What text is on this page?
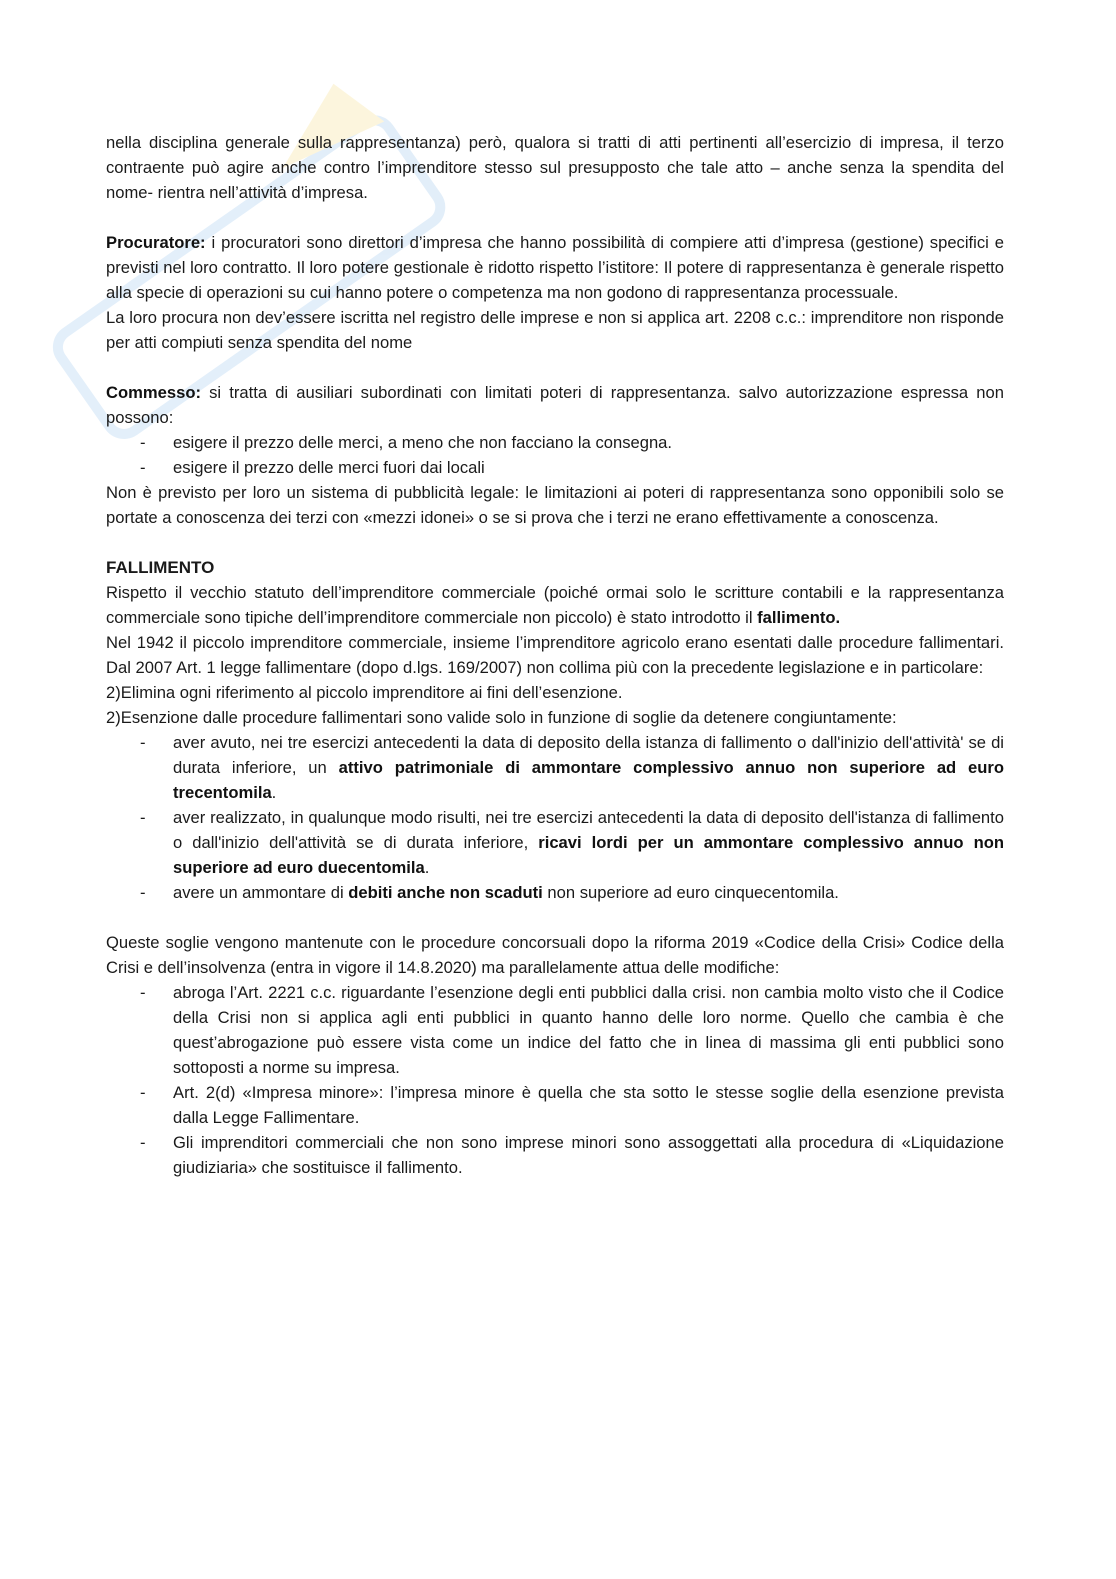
nella disciplina generale sulla rappresentanza) però, qualora si tratti di atti pertinenti all’esercizio di impresa, il terzo contraente può agire anche contro l’imprenditore stesso sul presupposto che tale atto – anche senza la spendita del nome- rientra nell’attività d’impresa.

Procuratore: i procuratori sono direttori d’impresa che hanno possibilità di compiere atti d’impresa (gestione) specifici e previsti nel loro contratto. Il loro potere gestionale è ridotto rispetto l’istitore: Il potere di rappresentanza è generale rispetto alla specie di operazioni su cui hanno potere o competenza ma non godono di rappresentanza processuale.

La loro procura non dev’essere iscritta nel registro delle imprese e non si applica art. 2208 c.c.: imprenditore non risponde per atti compiuti senza spendita del nome

Commesso: si tratta di ausiliari subordinati con limitati poteri di rappresentanza. salvo autorizzazione espressa non possono:

- esigere il prezzo delle merci, a meno che non facciano la consegna.
- esigere il prezzo delle merci fuori dai locali

Non è previsto per loro un sistema di pubblicità legale: le limitazioni ai poteri di rappresentanza sono opponibili solo se portate a conoscenza dei terzi con «mezzi idonei» o se si prova che i terzi ne erano effettivamente a conoscenza.

FALLIMENTO

Rispetto il vecchio statuto dell’imprenditore commerciale (poiché ormai solo le scritture contabili e la rappresentanza commerciale sono tipiche dell’imprenditore commerciale non piccolo) è stato introdotto il fallimento.

Nel 1942 il piccolo imprenditore commerciale, insieme l’imprenditore agricolo erano esentati dalle procedure fallimentari. Dal 2007 Art. 1 legge fallimentare (dopo d.lgs. 169/2007) non collima più con la precedente legislazione e in particolare:

2)Elimina ogni riferimento al piccolo imprenditore ai fini dell’esenzione.

2)Esenzione dalle procedure fallimentari sono valide solo in funzione di soglie da detenere congiuntamente:

- aver avuto, nei tre esercizi antecedenti la data di deposito della istanza di fallimento o dall'inizio dell'attività' se di durata inferiore, un attivo patrimoniale di ammontare complessivo annuo non superiore ad euro trecentomila.
- aver realizzato, in qualunque modo risulti, nei tre esercizi antecedenti la data di deposito dell'istanza di fallimento o dall'inizio dell'attività se di durata inferiore, ricavi lordi per un ammontare complessivo annuo non superiore ad euro duecentomila.
- avere un ammontare di debiti anche non scaduti non superiore ad euro cinquecentomila.

Queste soglie vengono mantenute con le procedure concorsuali dopo la riforma 2019 «Codice della Crisi» Codice della Crisi e dell’insolvenza (entra in vigore il 14.8.2020) ma parallelamente attua delle modifiche:

- abroga l’Art. 2221 c.c. riguardante l’esenzione degli enti pubblici dalla crisi. non cambia molto visto che il Codice della Crisi non si applica agli enti pubblici in quanto hanno delle loro norme. Quello che cambia è che quest’abrogazione può essere vista come un indice del fatto che in linea di massima gli enti pubblici sono sottoposti a norme su impresa.
- Art. 2(d) «Impresa minore»: l’impresa minore è quella che sta sotto le stesse soglie della esenzione prevista dalla Legge Fallimentare.
- Gli imprenditori commerciali che non sono imprese minori sono assoggettati alla procedura di «Liquidazione giudiziaria» che sostituisce il fallimento.
